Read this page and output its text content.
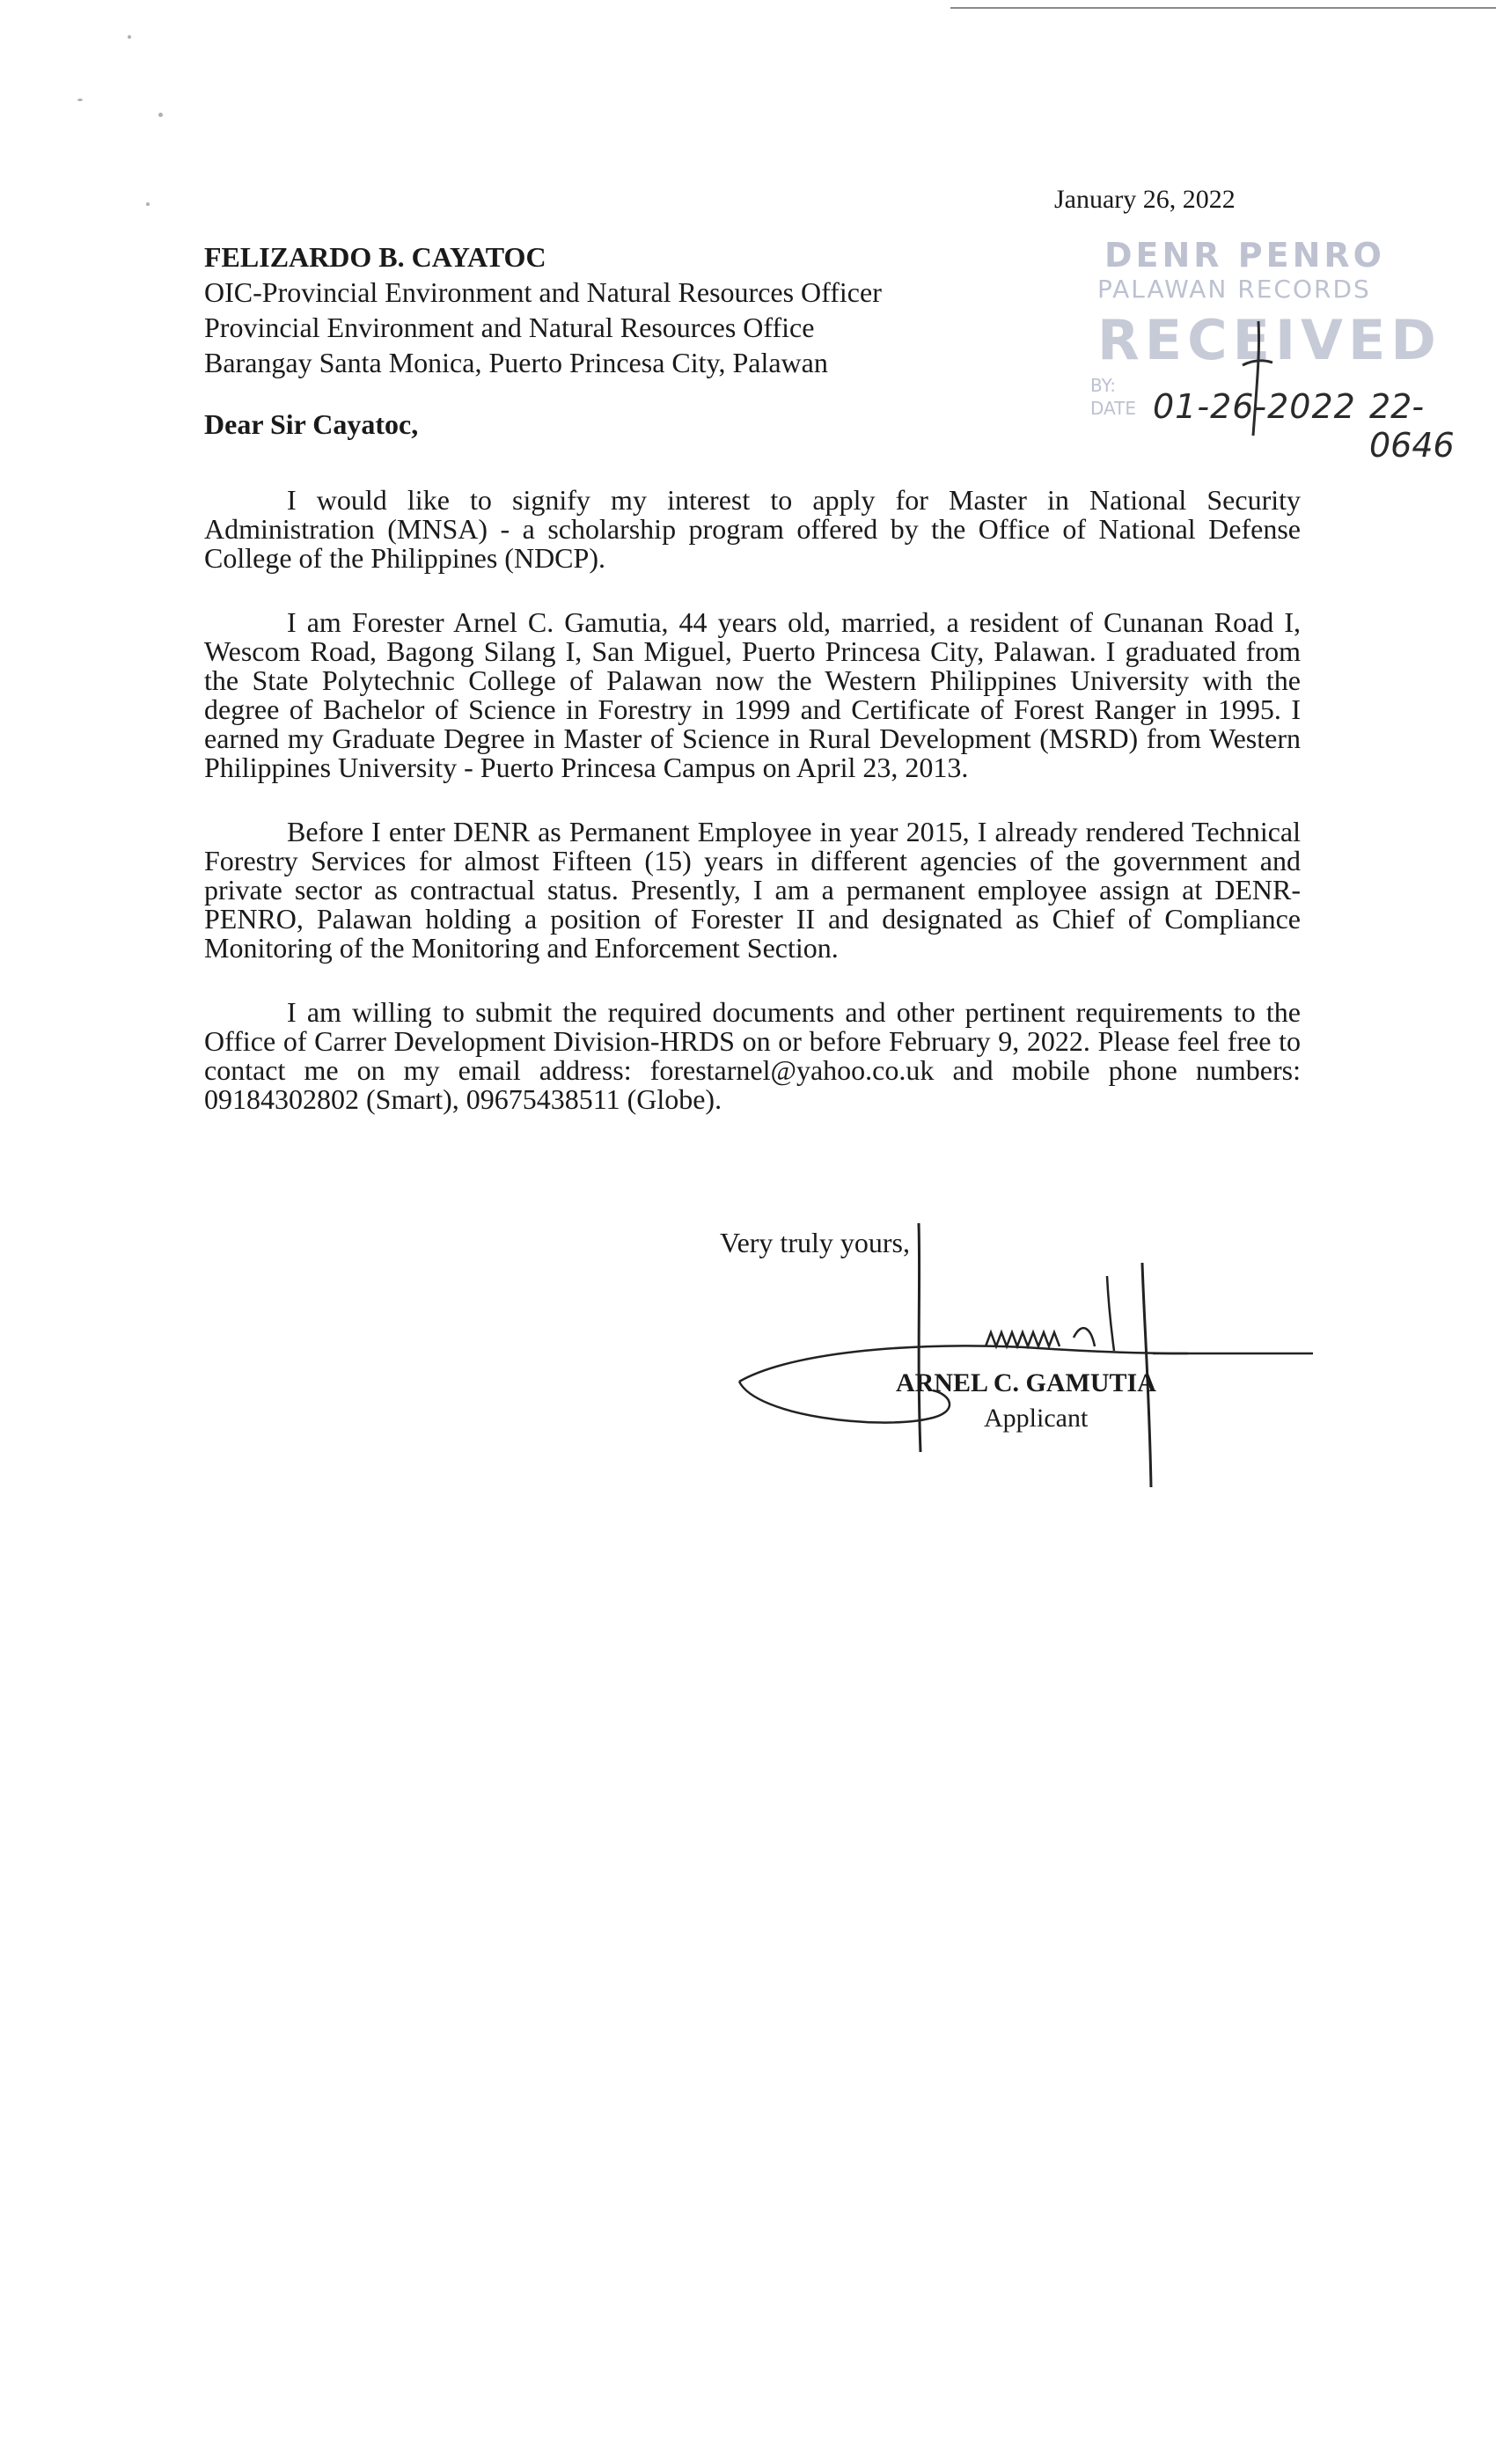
January 26, 2022
FELIZARDO B. CAYATOC
OIC-Provincial Environment and Natural Resources Officer
Provincial Environment and Natural Resources Office
Barangay Santa Monica, Puerto Princesa City, Palawan
DENR PENRO
PALAWAN RECORDS
RECEIVED
BY:
DATE 01-26-2022 22-0646
Dear Sir Cayatoc,

I would like to signify my interest to apply for Master in National Security Administration (MNSA) - a scholarship program offered by the Office of National Defense College of the Philippines (NDCP).

I am Forester Arnel C. Gamutia, 44 years old, married, a resident of Cunanan Road I, Wescom Road, Bagong Silang I, San Miguel, Puerto Princesa City, Palawan. I graduated from the State Polytechnic College of Palawan now the Western Philippines University with the degree of Bachelor of Science in Forestry in 1999 and Certificate of Forest Ranger in 1995. I earned my Graduate Degree in Master of Science in Rural Development (MSRD) from Western Philippines University - Puerto Princesa Campus on April 23, 2013.

Before I enter DENR as Permanent Employee in year 2015, I already rendered Technical Forestry Services for almost Fifteen (15) years in different agencies of the government and private sector as contractual status. Presently, I am a permanent employee assign at DENR-PENRO, Palawan holding a position of Forester II and designated as Chief of Compliance Monitoring of the Monitoring and Enforcement Section.

I am willing to submit the required documents and other pertinent requirements to the Office of Carrer Development Division-HRDS on or before February 9, 2022. Please feel free to contact me on my email address: forestarnel@yahoo.co.uk and mobile phone numbers: 09184302802 (Smart), 09675438511 (Globe).

Very truly yours,
ARNEL C. GAMUTIA
Applicant
